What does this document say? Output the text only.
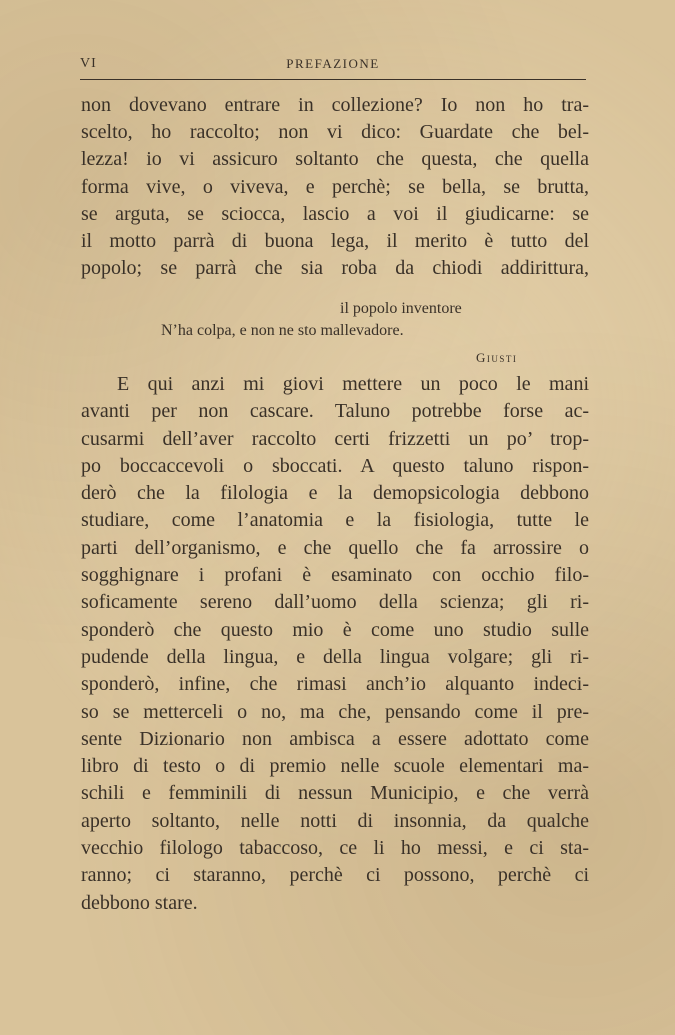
VI	PREFAZIONE
non dovevano entrare in collezione? Io non ho tra-
scelto, ho raccolto; non vi dico: Guardate che bel-
lezza! io vi assicuro soltanto che questa, che quella
forma vive, o viveva, e perchè; se bella, se brutta,
se arguta, se sciocca, lascio a voi il giudicarne: se
il motto parrà di buona lega, il merito è tutto del
popolo; se parrà che sia roba da chiodi addirittura,
il popolo inventore
N’ha colpa, e non ne sto mallevadore.
Giusti
E qui anzi mi giovi mettere un poco le mani
avanti per non cascare. Taluno potrebbe forse ac-
cusarmi dell’aver raccolto certi frizzetti un po’ trop-
po boccaccevoli o sboccati. A questo taluno rispon-
derò che la filologia e la demopsicologia debbono
studiare, come l’anatomia e la fisiologia, tutte le
parti dell’organismo, e che quello che fa arrossire o
sogghignare i profani è esaminato con occhio filo-
soficamente sereno dall’uomo della scienza; gli ri-
sponderò che questo mio è come uno studio sulle
pudende della lingua, e della lingua volgare; gli ri-
sponderò, infine, che rimasi anch’io alquanto indeci-
so se metterceli o no, ma che, pensando come il pre-
sente Dizionario non ambisca a essere adottato come
libro di testo o di premio nelle scuole elementari ma-
schili e femminili di nessun Municipio, e che verrà
aperto soltanto, nelle notti di insonnia, da qualche
vecchio filologo tabaccoso, ce li ho messi, e ci sta-
ranno; ci staranno, perchè ci possono, perchè ci
debbono stare.
